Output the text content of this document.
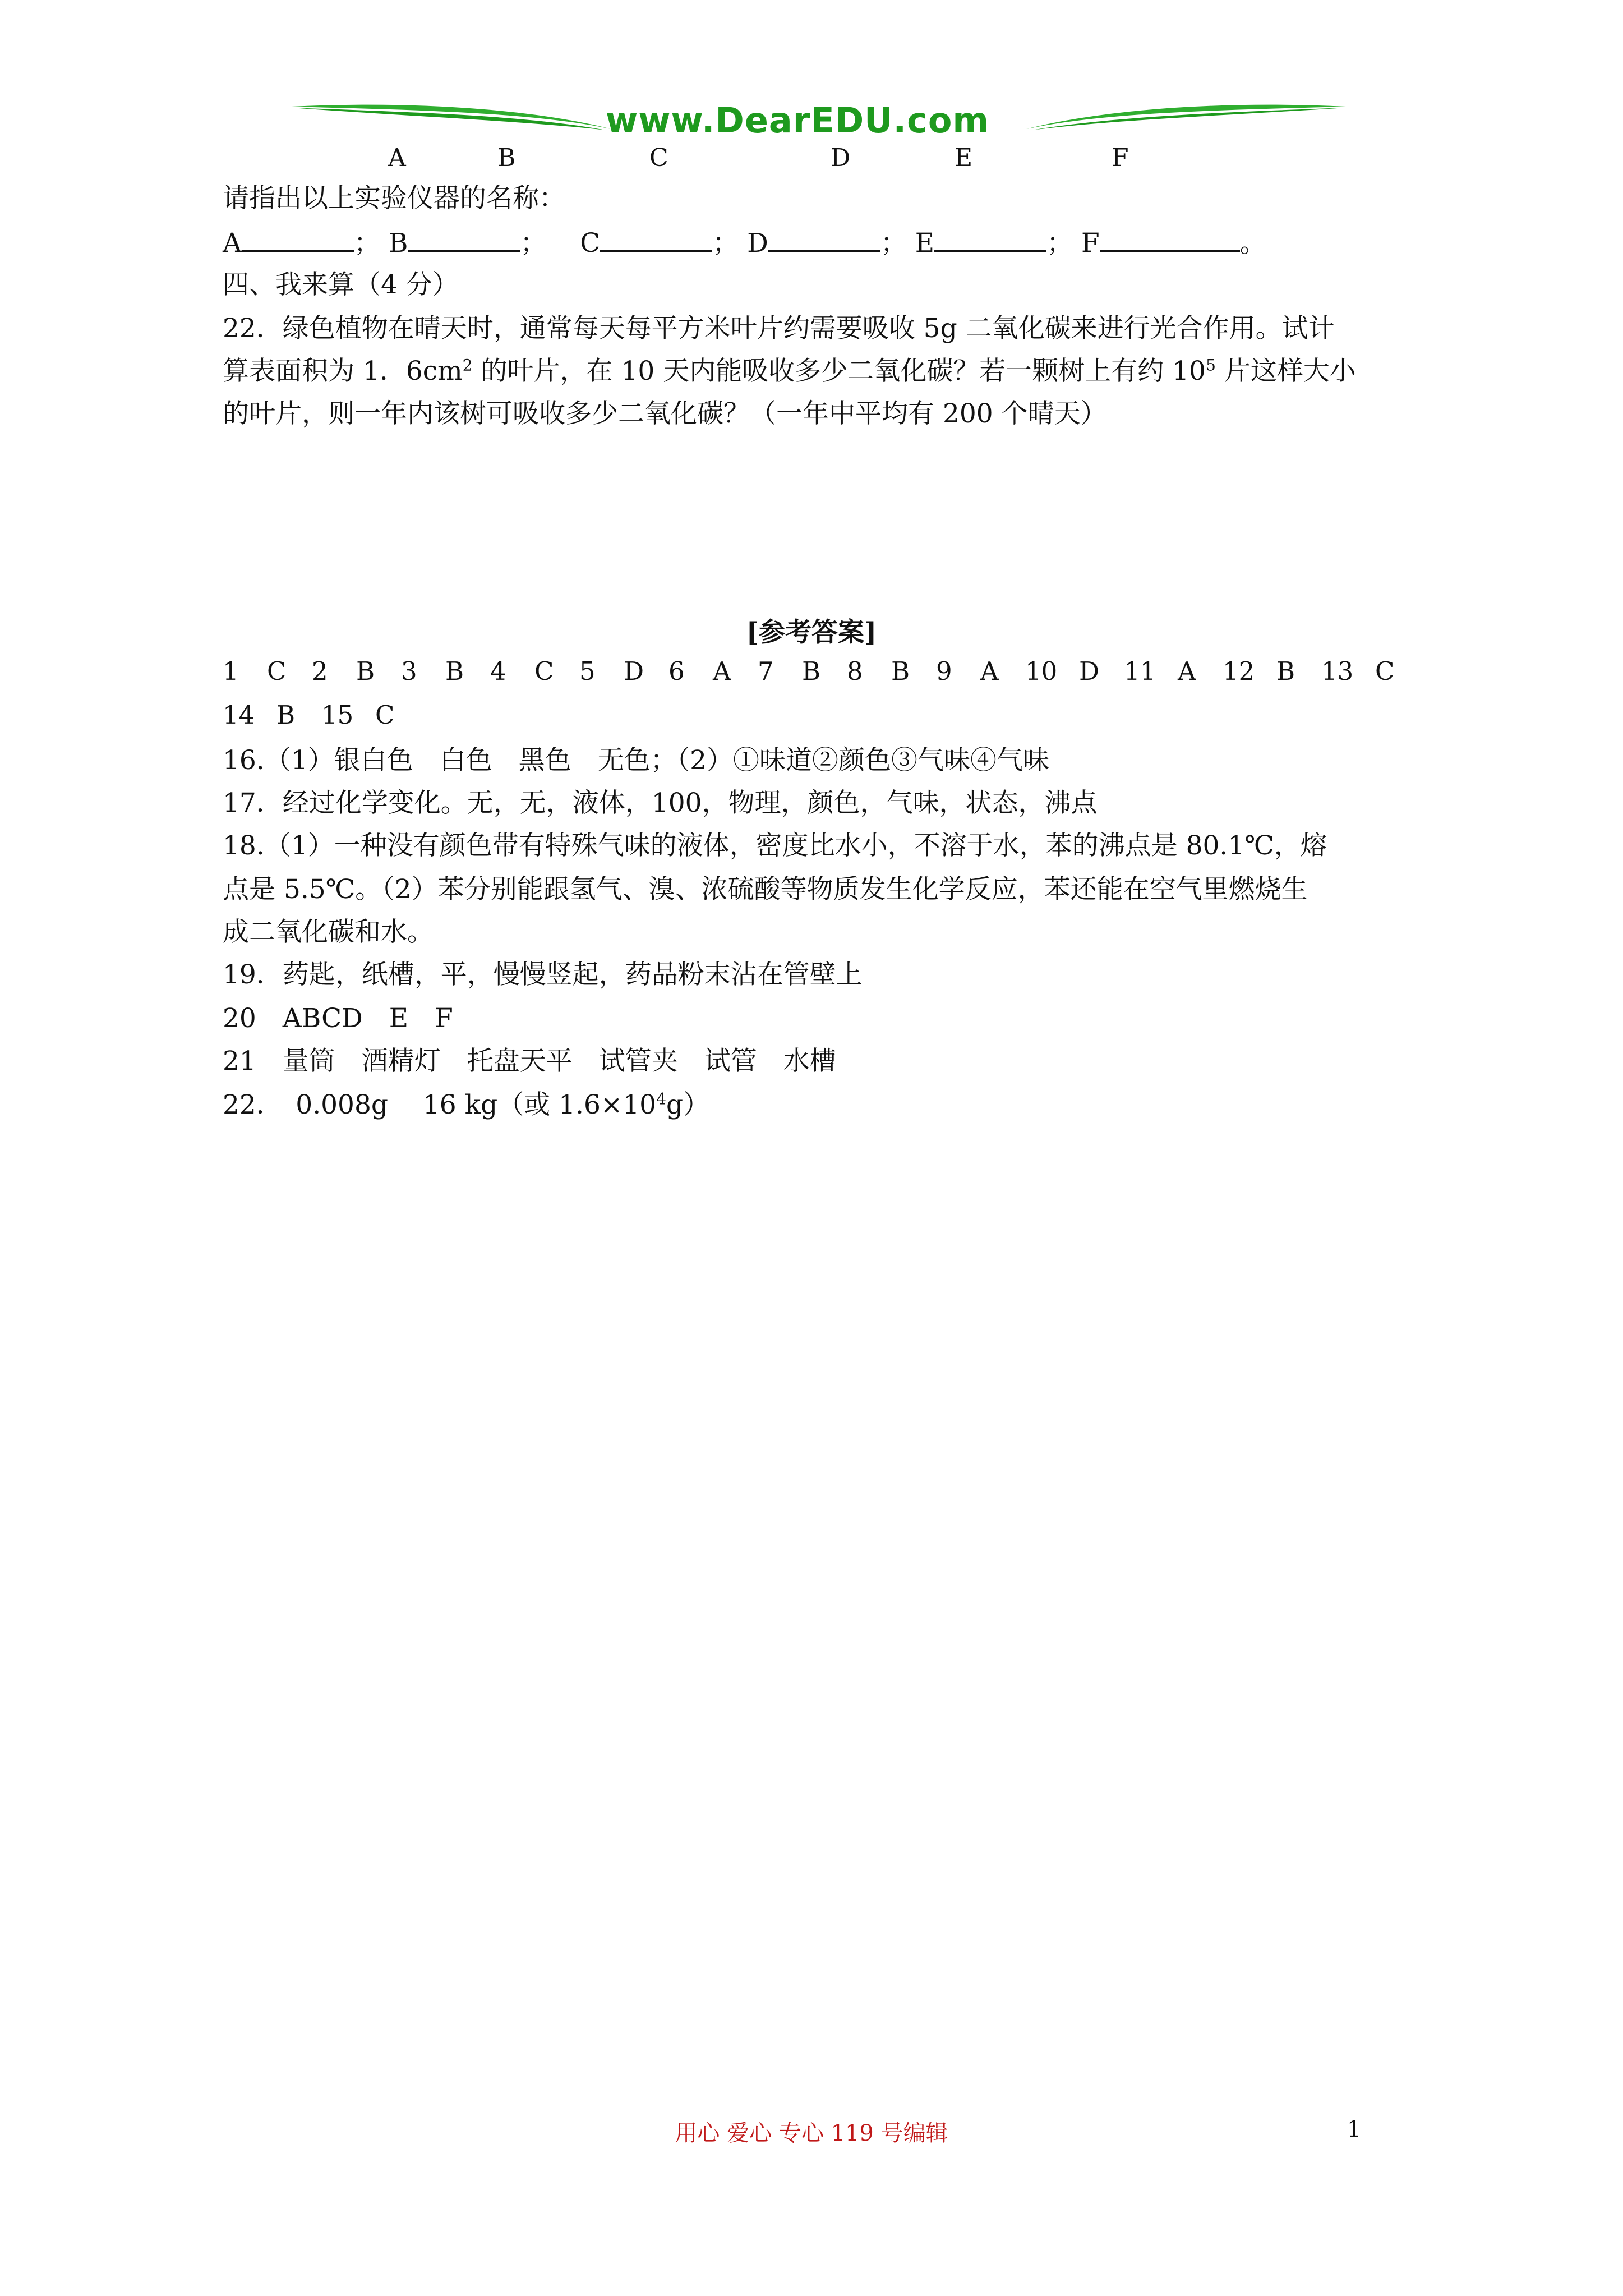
www.DearEDU.com
A	B	C	D	E	F
请指出以上实验仪器的名称：
A	； B	； C	； D	； E	； F	。
四、我来算（4 分）
22．绿色植物在晴天时，通常每天每平方米叶片约需要吸收 5g 二氧化碳来进行光合作用。试计
算表面积为 1．$6cm^2$ 的叶片，在 10 天内能吸收多少二氧化碳？若一颗树上有约 $10^5$ 片这样大小
的叶片，则一年内该树可吸收多少二氧化碳？（一年中平均有 200 个晴天）
[参考答案]
1 C 2 B 3 B 4 C 5 D 6 A 7 B 8 B 9 A 10 D 11 A 12 B 13 C
14 B 15 C
16.（1）银白色　白色　黑色　无色；（2）①味道②颜色③气味④气味
17．经过化学变化。无，无，液体，100，物理，颜色，气味，状态，沸点
18.（1）一种没有颜色带有特殊气味的液体，密度比水小，不溶于水，苯的沸点是 80.1℃，熔
点是 5.5℃。（2）苯分别能跟氢气、溴、浓硫酸等物质发生化学反应，苯还能在空气里燃烧生
成二氧化碳和水。
19．药匙，纸槽，平，慢慢竖起，药品粉末沾在管壁上
20　ABCD　E　F
21　量筒　酒精灯　托盘天平　试管夹　试管　水槽
22．　0.008g　 16 kg（或 $1.6\times 10^4g$）
用心 爱心 专心 119 号编辑	1
